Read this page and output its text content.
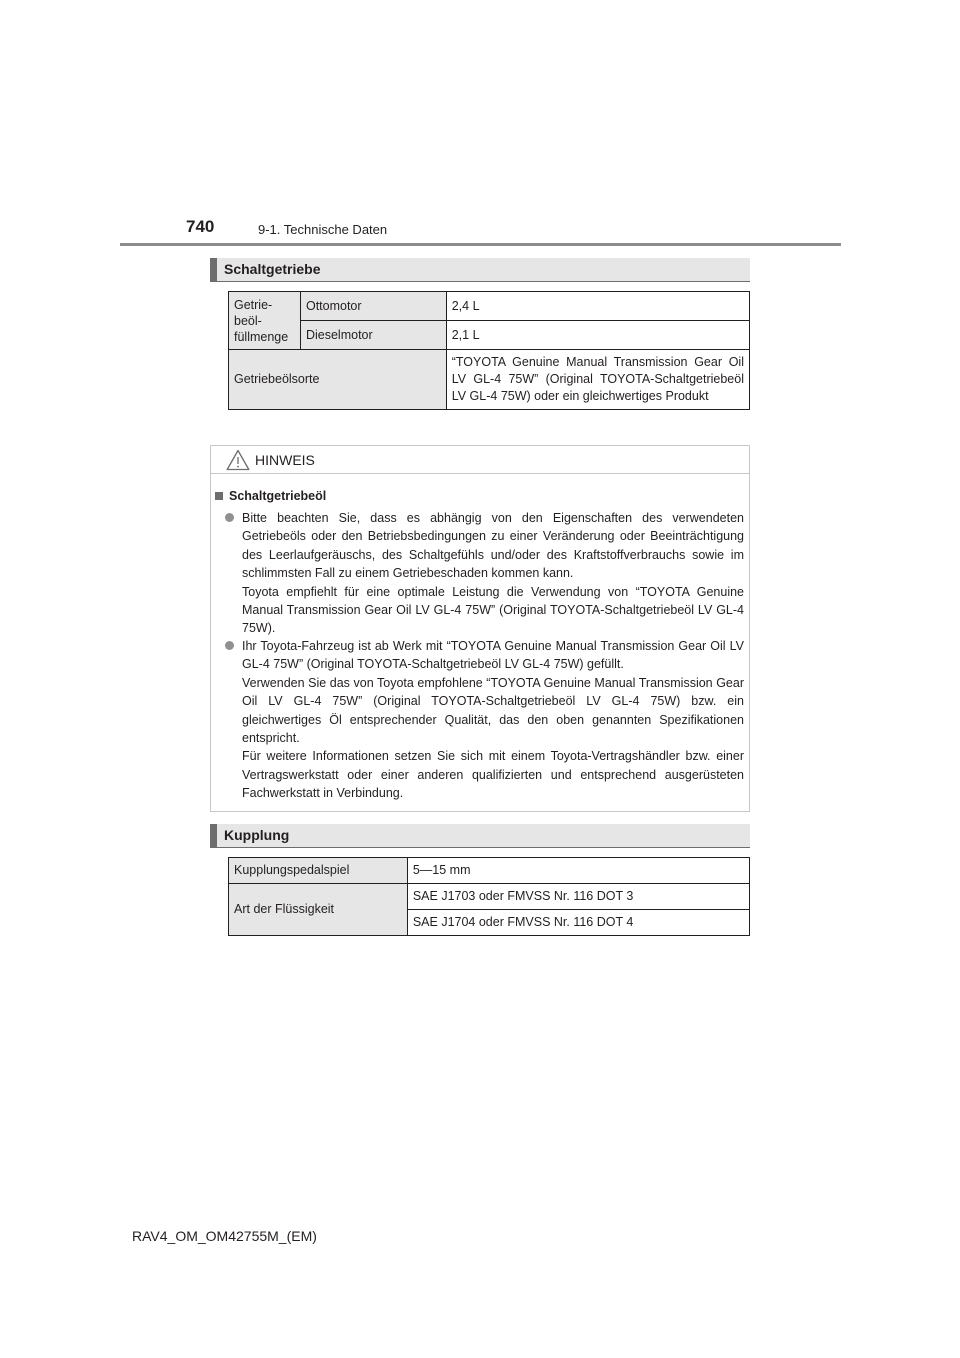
740	9-1. Technische Daten
Schaltgetriebe
Getrie-
beöl-
füllmenge	Ottomotor	2,4 L
	Dieselmotor	2,1 L
Getriebeölsorte		“TOYOTA Genuine Manual Transmission Gear Oil LV GL-4 75W” (Original TOYOTA-Schaltgetriebeöl LV GL-4 75W) oder ein gleichwertiges Produkt
HINWEIS
Schaltgetriebeöl

Bitte beachten Sie, dass es abhängig von den Eigenschaften des verwendeten Getriebeöls oder den Betriebsbedingungen zu einer Veränderung oder Beeinträchtigung des Leerlaufgeräuschs, des Schaltgefühls und/oder des Kraftstoffverbrauchs sowie im schlimmsten Fall zu einem Getriebeschaden kommen kann.
Toyota empfiehlt für eine optimale Leistung die Verwendung von “TOYOTA Genuine Manual Transmission Gear Oil LV GL-4 75W” (Original TOYOTA-Schaltgetriebeöl LV GL-4 75W).

Ihr Toyota-Fahrzeug ist ab Werk mit “TOYOTA Genuine Manual Transmission Gear Oil LV GL-4 75W” (Original TOYOTA-Schaltgetriebeöl LV GL-4 75W) gefüllt.
Verwenden Sie das von Toyota empfohlene “TOYOTA Genuine Manual Transmission Gear Oil LV GL-4 75W” (Original TOYOTA-Schaltgetriebeöl LV GL-4 75W) bzw. ein gleichwertiges Öl entsprechender Qualität, das den oben genannten Spezifikationen entspricht.
Für weitere Informationen setzen Sie sich mit einem Toyota-Vertragshändler bzw. einer Vertragswerkstatt oder einer anderen qualifizierten und entsprechend ausgerüsteten Fachwerkstatt in Verbindung.

Kupplung
Kupplungspedalspiel	5—15 mm
Art der Flüssigkeit	SAE J1703 oder FMVSS Nr. 116 DOT 3
	SAE J1704 oder FMVSS Nr. 116 DOT 4
RAV4_OM_OM42755M_(EM)
